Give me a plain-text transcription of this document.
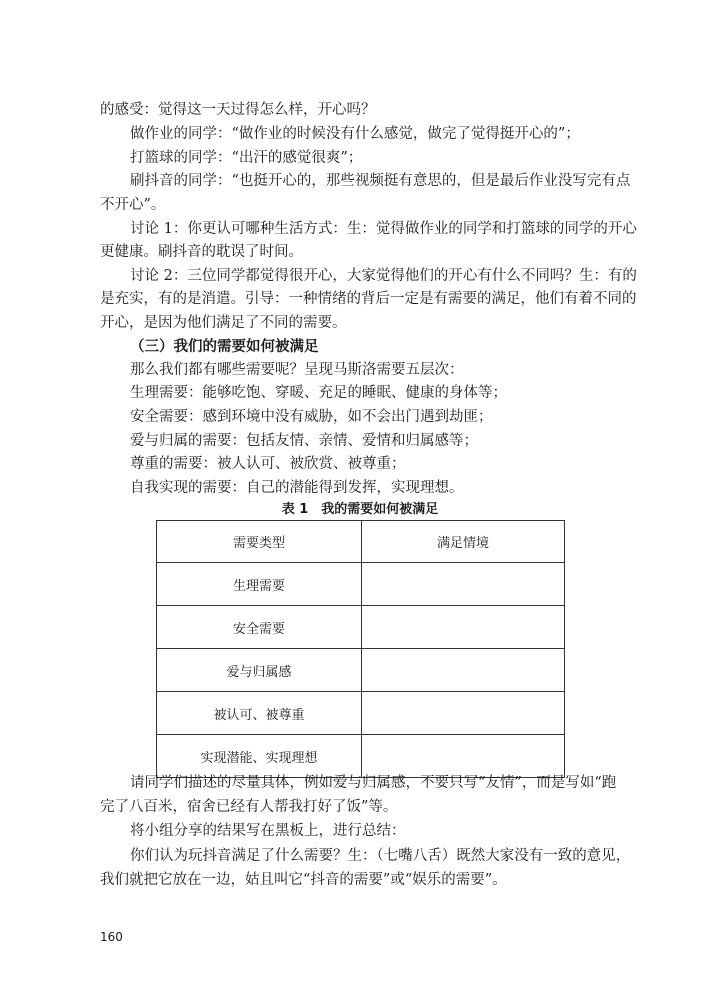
的感受：觉得这一天过得怎么样，开心吗？
做作业的同学：“做作业的时候没有什么感觉，做完了觉得挺开心的”；
打篮球的同学：“出汗的感觉很爽”；
刷抖音的同学：“也挺开心的，那些视频挺有意思的，但是最后作业没写完有点
不开心”。
讨论 1：你更认可哪种生活方式：生：觉得做作业的同学和打篮球的同学的开心
更健康。刷抖音的耽误了时间。
讨论 2：三位同学都觉得很开心，大家觉得他们的开心有什么不同吗？生：有的
是充实，有的是消遣。引导：一种情绪的背后一定是有需要的满足，他们有着不同的
开心，是因为他们满足了不同的需要。
（三）我们的需要如何被满足
那么我们都有哪些需要呢？呈现马斯洛需要五层次：
生理需要：能够吃饱、穿暖、充足的睡眠、健康的身体等；
安全需要：感到环境中没有威胁，如不会出门遇到劫匪；
爱与归属的需要：包括友情、亲情、爱情和归属感等；
尊重的需要：被人认可、被欣赏、被尊重；
自我实现的需要：自己的潜能得到发挥，实现理想。
表 1　我的需要如何被满足
需要类型	满足情境
生理需要	
安全需要	
爱与归属感	
被认可、被尊重	
实现潜能、实现理想	
请同学们描述的尽量具体，例如爱与归属感，不要只写“友情”，而是写如“跑
完了八百米，宿舍已经有人帮我打好了饭”等。
将小组分享的结果写在黑板上，进行总结：
你们认为玩抖音满足了什么需要？生：（七嘴八舌）既然大家没有一致的意见，
我们就把它放在一边，姑且叫它“抖音的需要”或“娱乐的需要”。
160
